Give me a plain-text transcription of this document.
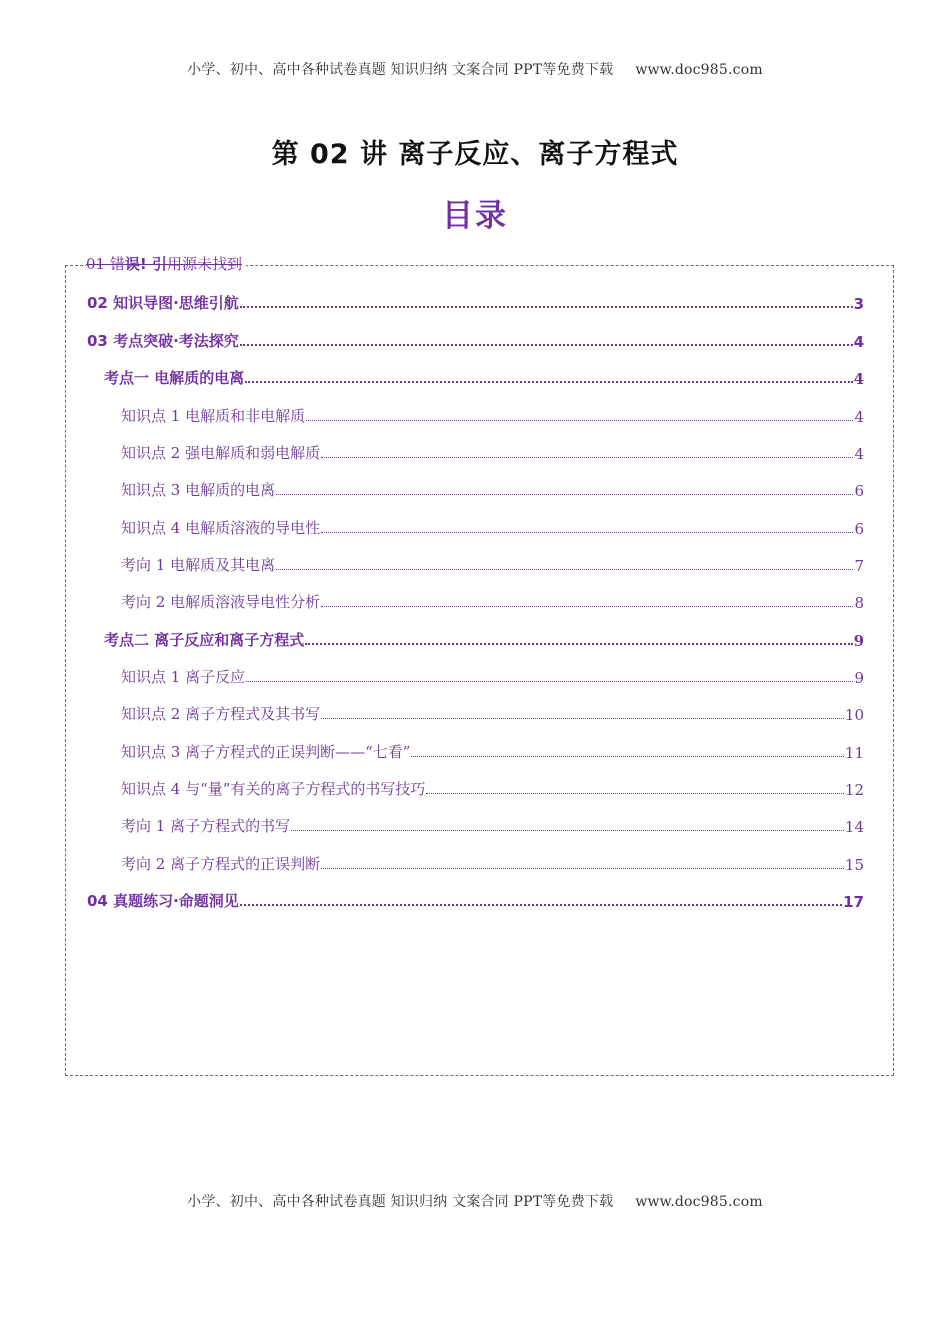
小学、初中、高中各种试卷真题 知识归纳 文案合同 PPT等免费下载 www.doc985.com
第 02 讲 离子反应、离子方程式
目录
01 错误! 引用源未找到
02 知识导图·思维引航	3
03 考点突破·考法探究	4
考点一 电解质的电离	4
知识点 1 电解质和非电解质	4
知识点 2 强电解质和弱电解质	4
知识点 3 电解质的电离	6
知识点 4 电解质溶液的导电性	6
考向 1 电解质及其电离	7
考向 2 电解质溶液导电性分析	8
考点二 离子反应和离子方程式	9
知识点 1 离子反应	9
知识点 2 离子方程式及其书写	10
知识点 3 离子方程式的正误判断——“七看”	11
知识点 4 与“量”有关的离子方程式的书写技巧	12
考向 1 离子方程式的书写	14
考向 2 离子方程式的正误判断	15
04 真题练习·命题洞见	17
小学、初中、高中各种试卷真题 知识归纳 文案合同 PPT等免费下载 www.doc985.com
